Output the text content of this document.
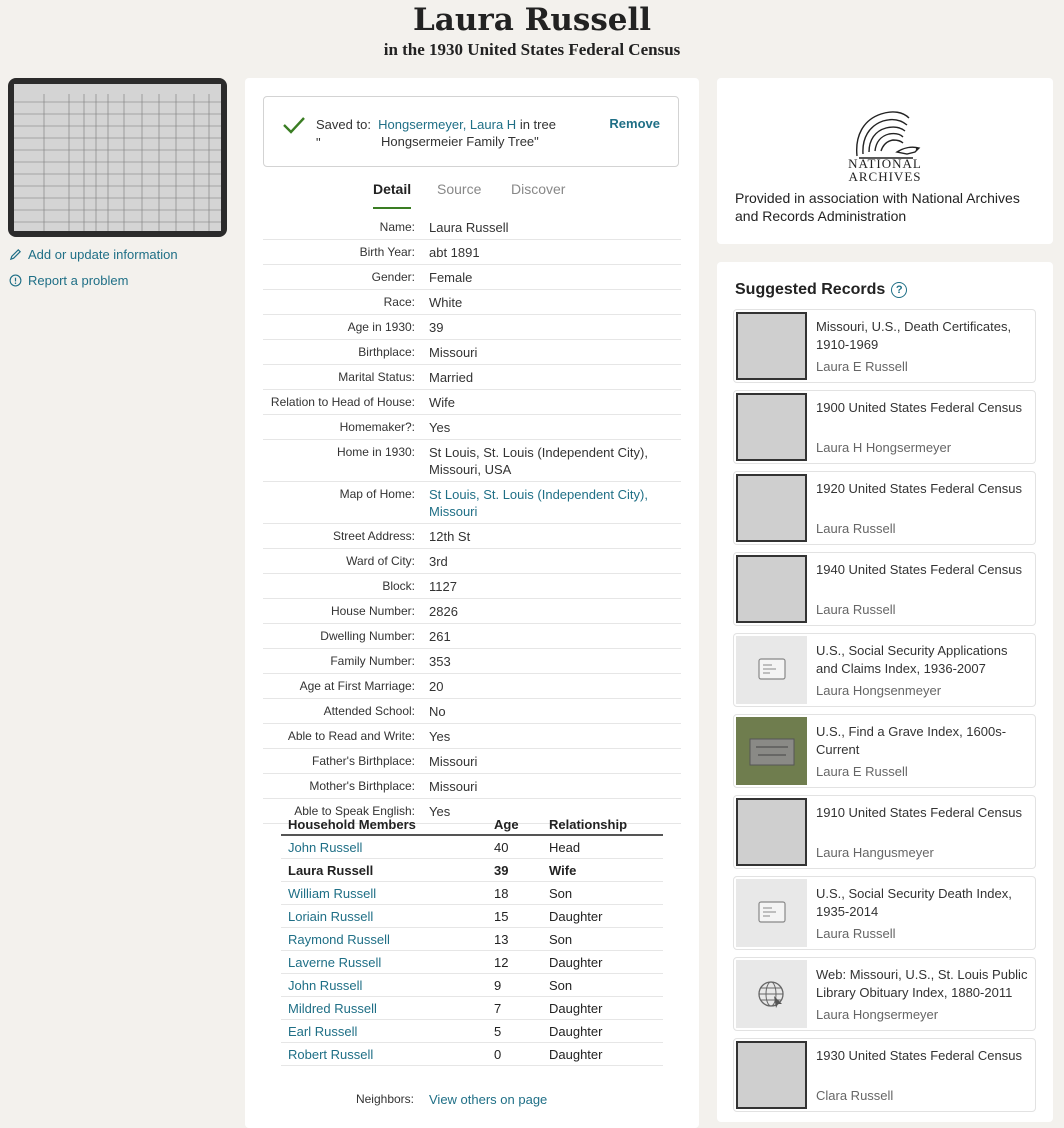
Laura Russell
in the 1930 United States Federal Census
Add or update information
Report a problem
Saved to: Hongsermeyer, Laura H in tree "	Hongsermeier Family Tree"
Remove
Detail Source Discover
Name: Laura Russell
Birth Year: abt 1891
Gender: Female
Race: White
Age in 1930: 39
Birthplace: Missouri
Marital Status: Married
Relation to Head of House: Wife
Homemaker?: Yes
Home in 1930: St Louis, St. Louis (Independent City), Missouri, USA
Map of Home: St Louis, St. Louis (Independent City), Missouri
Street Address: 12th St
Ward of City: 3rd
Block: 1127
House Number: 2826
Dwelling Number: 261
Family Number: 353
Age at First Marriage: 20
Attended School: No
Able to Read and Write: Yes
Father's Birthplace: Missouri
Mother's Birthplace: Missouri
Able to Speak English: Yes
Household Members	Age	Relationship
John Russell	40	Head
Laura Russell	39	Wife
William Russell	18	Son
Loriain Russell	15	Daughter
Raymond Russell	13	Son
Laverne Russell	12	Daughter
John Russell	9	Son
Mildred Russell	7	Daughter
Earl Russell	5	Daughter
Robert Russell	0	Daughter
Neighbors: View others on page
NATIONAL
ARCHIVES
Provided in association with National Archives and Records Administration
Suggested Records ?
Missouri, U.S., Death Certificates, 1910-1969
Laura E Russell
1900 United States Federal Census
Laura H Hongsermeyer
1920 United States Federal Census
Laura Russell
1940 United States Federal Census
Laura Russell
U.S., Social Security Applications and Claims Index, 1936-2007
Laura Hongsenmeyer
U.S., Find a Grave Index, 1600s-Current
Laura E Russell
1910 United States Federal Census
Laura Hangusmeyer
U.S., Social Security Death Index, 1935-2014
Laura Russell
Web: Missouri, U.S., St. Louis Public Library Obituary Index, 1880-2011
Laura Hongsermeyer
1930 United States Federal Census
Clara Russell
